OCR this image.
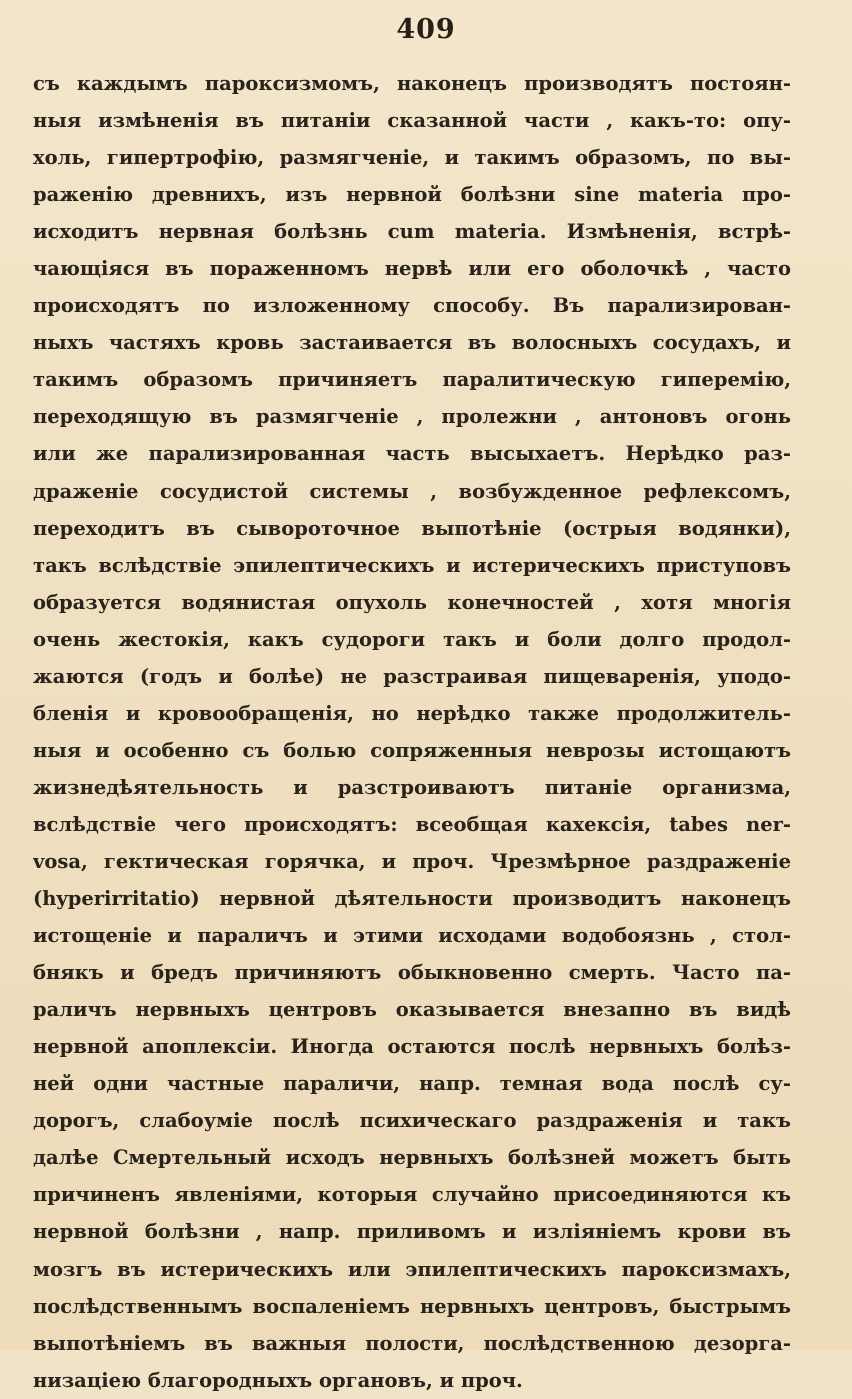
409
съ каждымъ пароксизмомъ, наконецъ производятъ постоян-
ныя измѣненія въ питаніи сказанной части , какъ-то: опу-
холь, гипертрофію, размягченіе, и такимъ образомъ, по вы-
раженію древнихъ, изъ нервной болѣзни sine materia про-
исходитъ нервная болѣзнь cum materia. Измѣненія, встрѣ-
чающіяся въ пораженномъ нервѣ или его оболочкѣ , часто
происходятъ по изложенному способу. Въ парализирован-
ныхъ частяхъ кровь застаивается въ волосныхъ сосудахъ, и
такимъ образомъ причиняетъ паралитическую гиперемію,
переходящую въ размягченіе , пролежни , антоновъ огонь
или же парализированная часть высыхаетъ. Нерѣдко раз-
драженіе сосудистой системы , возбужденное рефлексомъ,
переходитъ въ сывороточное выпотѣніе (острыя водянки),
такъ вслѣдствіе эпилептическихъ и истерическихъ приступовъ
образуется водянистая опухоль конечностей , хотя многія
очень жестокія, какъ судороги такъ и боли долго продол-
жаются (годъ и болѣе) не разстраивая пищеваренія, уподо-
бленія и кровообращенія, но нерѣдко также продолжитель-
ныя и особенно съ болью сопряженныя неврозы истощаютъ
жизнедѣятельность и разстроиваютъ питаніе организма,
вслѣдствіе чего происходятъ: всеобщая кахексія, tabes ner-
vosa, гектическая горячка, и проч. Чрезмѣрное раздраженіе
(hyperirritatio) нервной дѣятельности производитъ наконецъ
истощеніе и параличъ и этими исходами водобоязнь , стол-
бнякъ и бредъ причиняютъ обыкновенно смерть. Часто па-
раличъ нервныхъ центровъ оказывается внезапно въ видѣ
нервной апоплексіи. Иногда остаются послѣ нервныхъ болѣз-
ней одни частные параличи, напр. темная вода послѣ су-
дорогъ, слабоуміе послѣ психическаго раздраженія и такъ
далѣе Смертельный исходъ нервныхъ болѣзней можетъ быть
причиненъ явленіями, которыя случайно присоединяются къ
нервной болѣзни , напр. приливомъ и изліяніемъ крови въ
мозгъ въ истерическихъ или эпилептическихъ пароксизмахъ,
послѣдственнымъ воспаленіемъ нервныхъ центровъ, быстрымъ
выпотѣніемъ въ важныя полости, послѣдственною дезорга-
низаціею благородныхъ органовъ, и проч.
